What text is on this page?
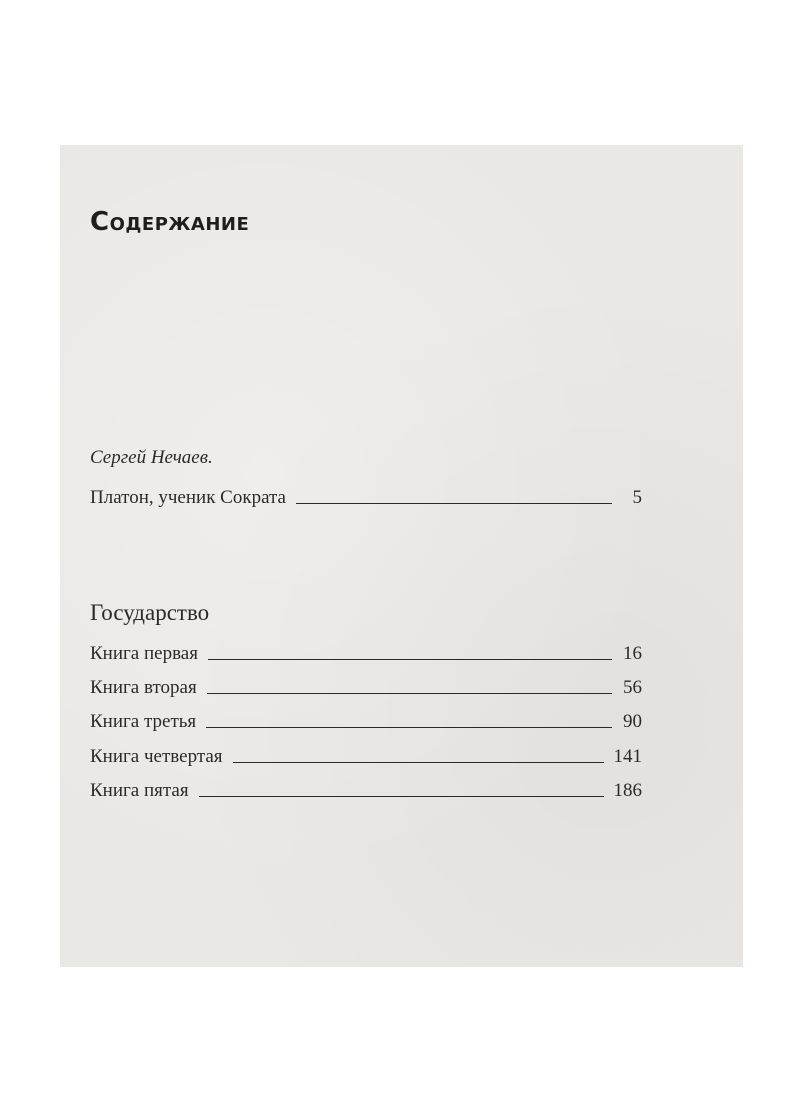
Содержание
Сергей Нечаев.
Платон, ученик Сократа	5
Государство
Книга первая	16
Книга вторая	56
Книга третья	90
Книга четвертая	141
Книга пятая	186
